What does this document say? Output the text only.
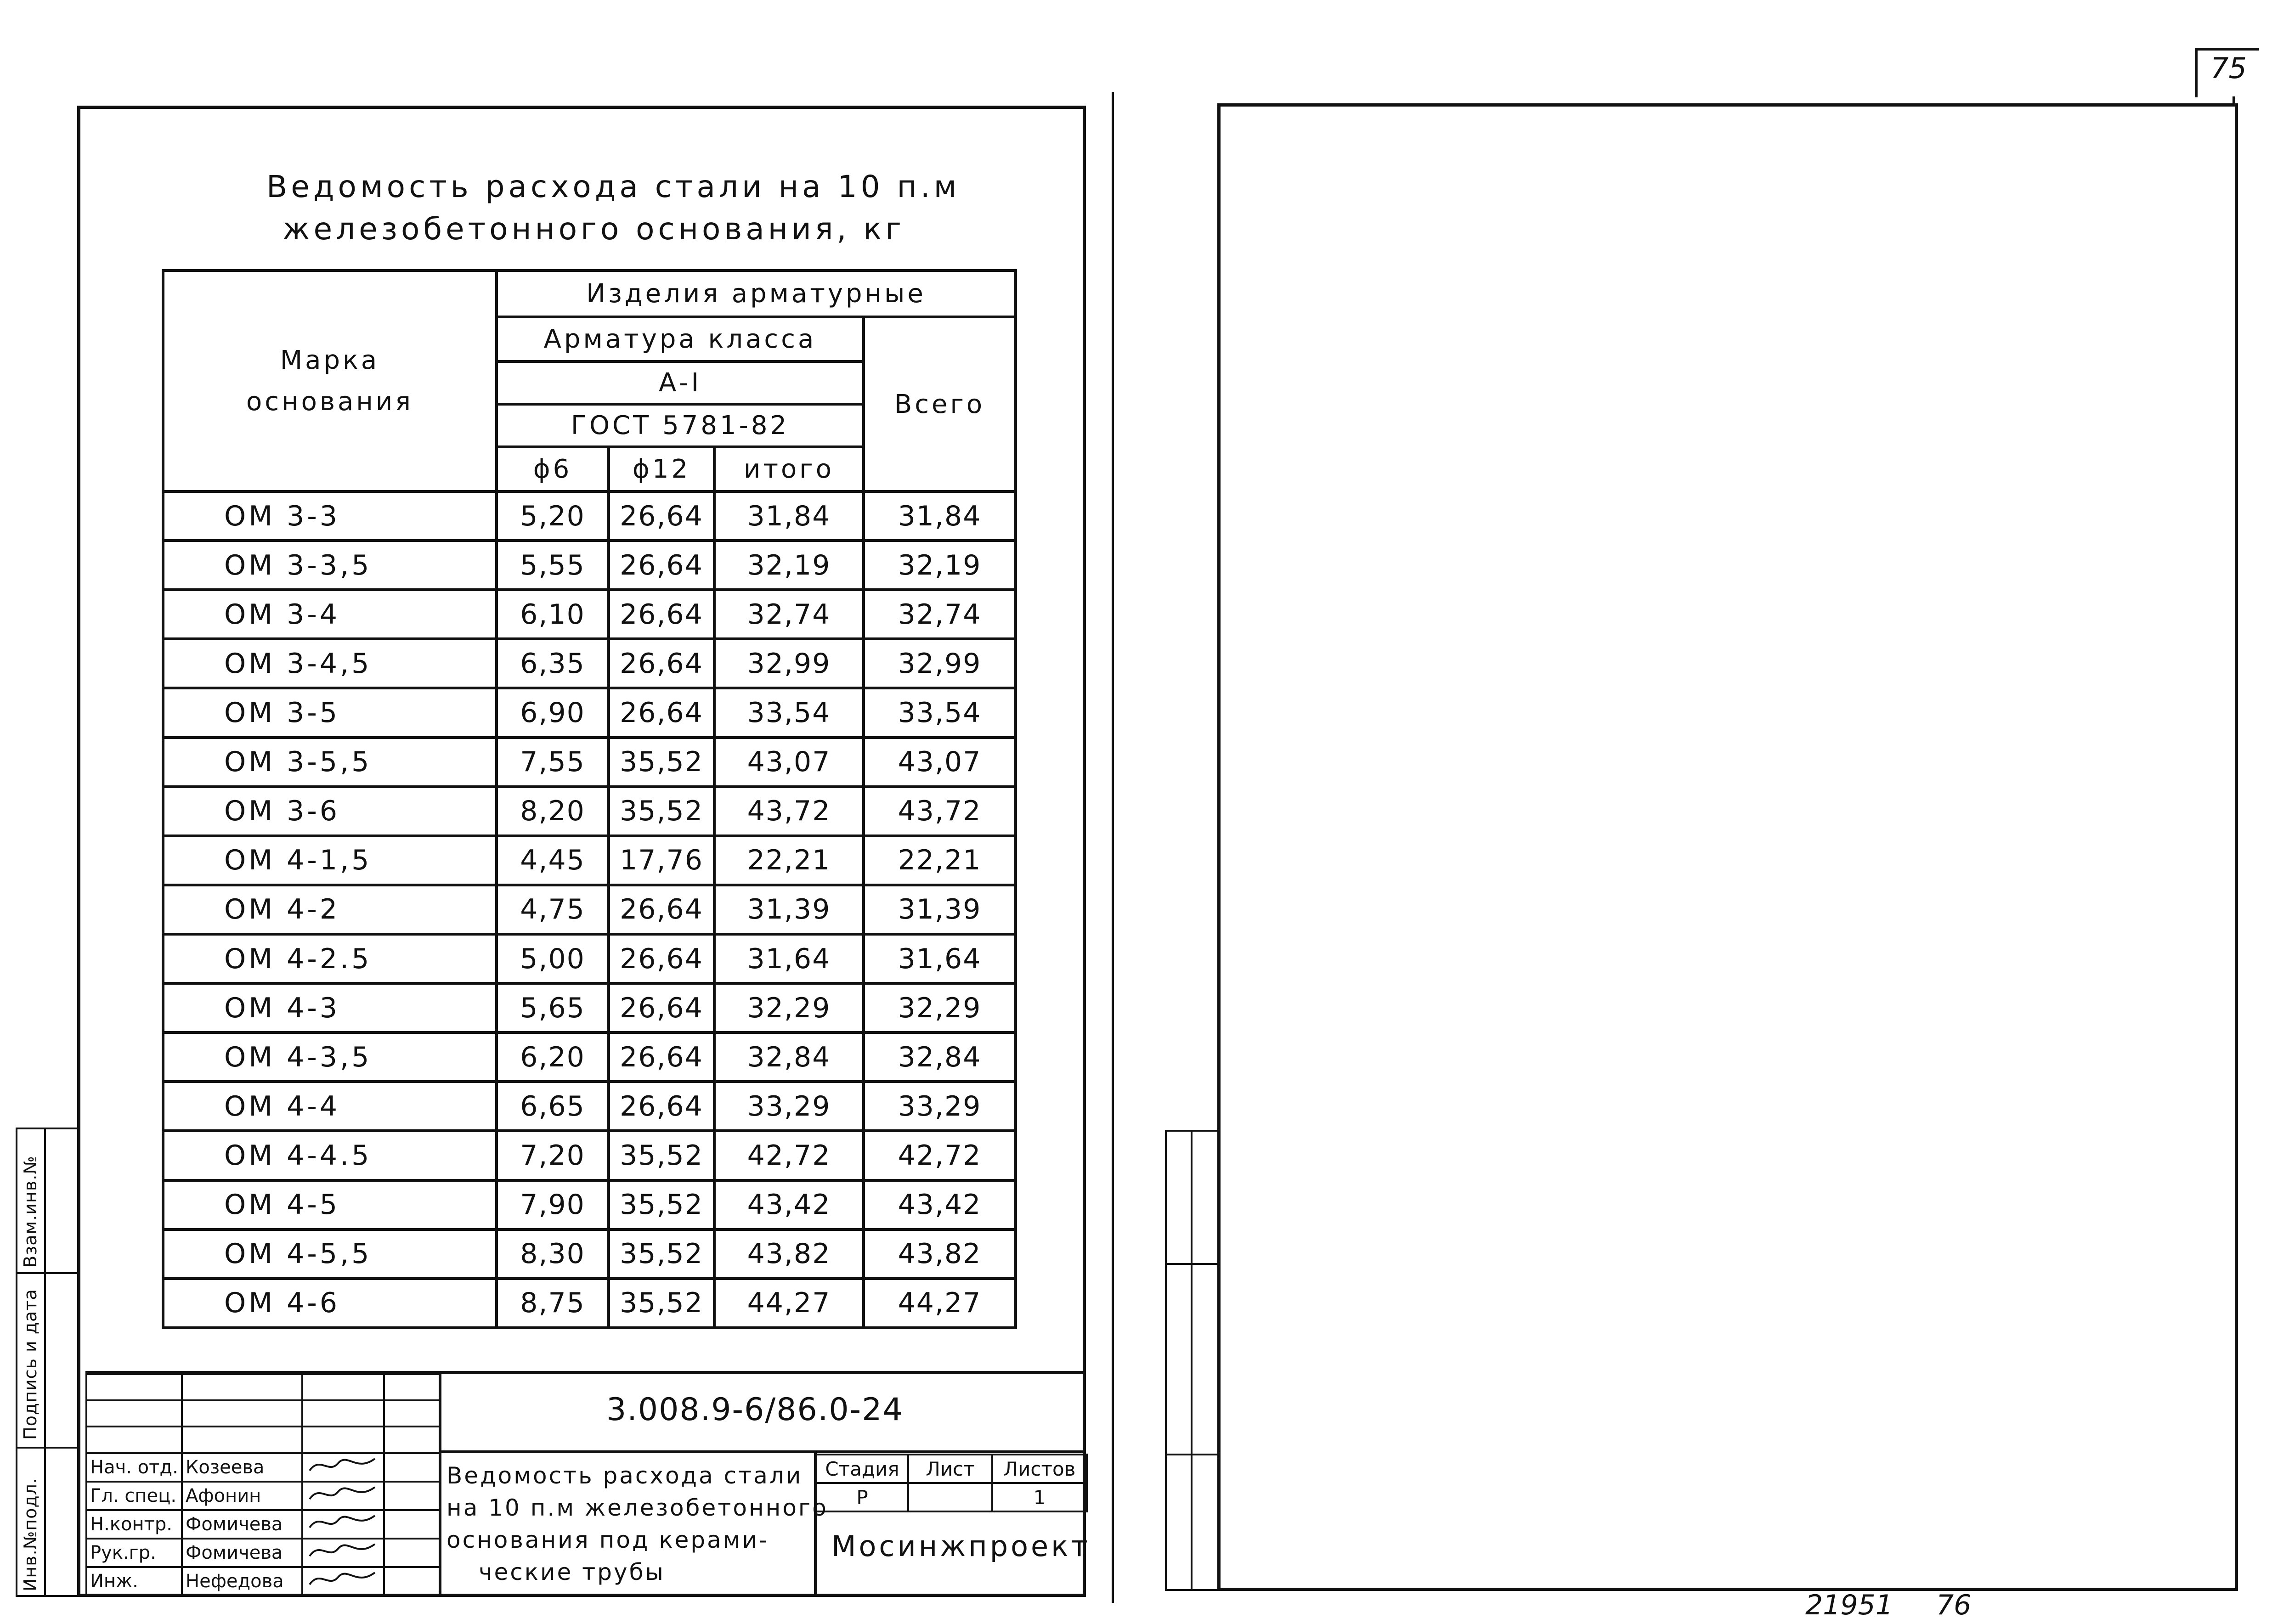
75
Ведомость расхода стали на 10 п.м
железобетонного основания, кг
Марка основания	Изделия арматурные			
	Арматура класса			Всего
	А-I			
	ГОСТ 5781-82			
	ϕ6	ϕ12	итого	
ОМ 3-3	5,20	26,64	31,84	31,84
ОМ 3-3,5	5,55	26,64	32,19	32,19
ОМ 3-4	6,10	26,64	32,74	32,74
ОМ 3-4,5	6,35	26,64	32,99	32,99
ОМ 3-5	6,90	26,64	33,54	33,54
ОМ 3-5,5	7,55	35,52	43,07	43,07
ОМ 3-6	8,20	35,52	43,72	43,72
ОМ 4-1,5	4,45	17,76	22,21	22,21
ОМ 4-2	4,75	26,64	31,39	31,39
ОМ 4-2.5	5,00	26,64	31,64	31,64
ОМ 4-3	5,65	26,64	32,29	32,29
ОМ 4-3,5	6,20	26,64	32,84	32,84
ОМ 4-4	6,65	26,64	33,29	33,29
ОМ 4-4.5	7,20	35,52	42,72	42,72
ОМ 4-5	7,90	35,52	43,42	43,42
ОМ 4-5,5	8,30	35,52	43,82	43,82
ОМ 4-6	8,75	35,52	44,27	44,27

Нач. отд.	Козеева		
Гл. спец.	Афонин		
Н.контр.	Фомичева		
Рук.гр.	Фомичева		
Инж.	Нефедова		
3.008.9-6/86.0-24
Ведомость расхода стали
на 10 п.м железобетонного
основания под керами-
ческие трубы
Стадия	Лист	Листов
Р		1
Мосинжпроект
Взам.инв.№
Подпись и дата
Инв.№подл.
21951 76
